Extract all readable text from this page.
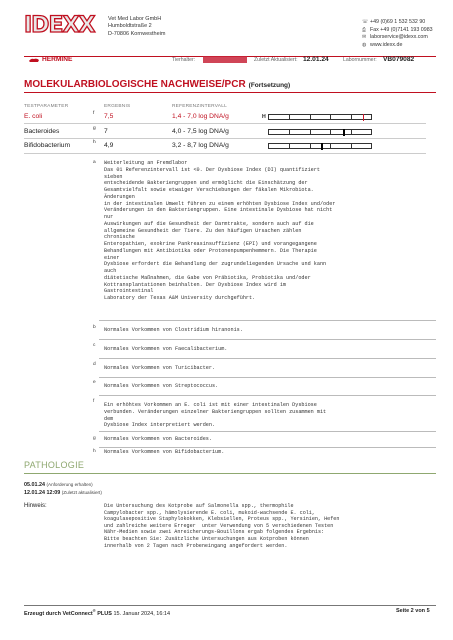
IDEXX Vet Med Labor GmbH
Humboldtstraße 2
D-70806 Kornwestheim
☏ +49 (0)69 1 532 532 90
⎙ Fax +49 (0)7141 193 0983
✉ laborservice@idexx.com
◍ www.idexx.de
HERMINE	Tierhalter:	Zuletzt Aktualisiert: 12.01.24	Labornummer: VB079082
MOLEKULARBIOLOGISCHE NACHWEISE/PCR (Fortsetzung)
TESTPARAMETER	ERGEBNIS	REFERENZINTERVALL
E. coli	f 7,5	1,4 - 7,0 log DNA/g	H
Bacteroides	g 7	4,0 - 7,5 log DNA/g
Bifidobacterium	h 4,9	3,2 - 8,7 log DNA/g
a Weiterleitung an Fremdlabor
Das 01 Referenzintervall ist <0. Der Dysbiose Index (DI) quantifiziert
sieben
entscheidende Bakteriengruppen und ermöglicht die Einschätzung der
Gesamtvielfalt sowie etwaiger Verschiebungen der fäkalen Mikrobiota.
Änderungen
in der intestinalen Umwelt führen zu einem erhöhten Dysbiose Index und/oder
Veränderungen in den Bakteriengruppen. Eine intestinale Dysbiose hat nicht
nur
Auswirkungen auf die Gesundheit der Darmtrakte, sondern auch auf die
allgemeine Gesundheit der Tiere. Zu den häufigen Ursachen zählen
chronische
Enteropathien, exokrine Pankreasinsuffizienz (EPI) und vorangegangene
Behandlungen mit Antibiotika oder Protonenpumpenhemmern. Die Therapie
einer
Dysbiose erfordert die Behandlung der zugrundeliegenden Ursache und kann
auch
diätetische Maßnahmen, die Gabe von Präbiotika, Probiotika und/oder
Kottransplantationen beinhalten. Der Dysbiose Index wird im
Gastrointestinal
Laboratory der Texas A&M University durchgeführt.
b Normales Vorkommen von Clostridium hiranonis.
c
Normales Vorkommen von Faecalibacterium.
d
Normales Vorkommen von Turicibacter.
e
Normales Vorkommen von Streptococcus.
f
Ein erhöhtes Vorkommen an E. coli ist mit einer intestinalen Dysbiose
verbunden. Veränderungen einzelner Bakteriengruppen sollten zusammen mit
dem
Dysbiose Index interpretiert werden.
g Normales Vorkommen von Bacteroides.
h Normales Vorkommen von Bifidobacterium.
PATHOLOGIE
05.01.24 (Anforderung erhalten)
12.01.24 12:09 (Zuletzt aktualisiert)
Hinweis:	Die Untersuchung des Kotprobe auf Salmonella spp., thermophile
Campylobacter spp., hämolysierende E. coli, mukoid-wachsende E. coli,
koagulasepositive Staphylokokken, Klebsiellen, Proteus spp., Yersinien, Hefen
und zahlreiche weitere Erreger  unter Verwendung von 5 verschiedenen Testen
Nähr-Medien sowie zwei Anreicherungs-Bouillons ergab folgendes Ergebnis:
Bitte beachten Sie: Zusätzliche Untersuchungen aus Kotproben können
innerhalb von 2 Tagen nach Probeneingang angefordert werden.
Erzeugt durch VetConnect® PLUS 15. Januar 2024, 16:14	Seite 2 von 5
